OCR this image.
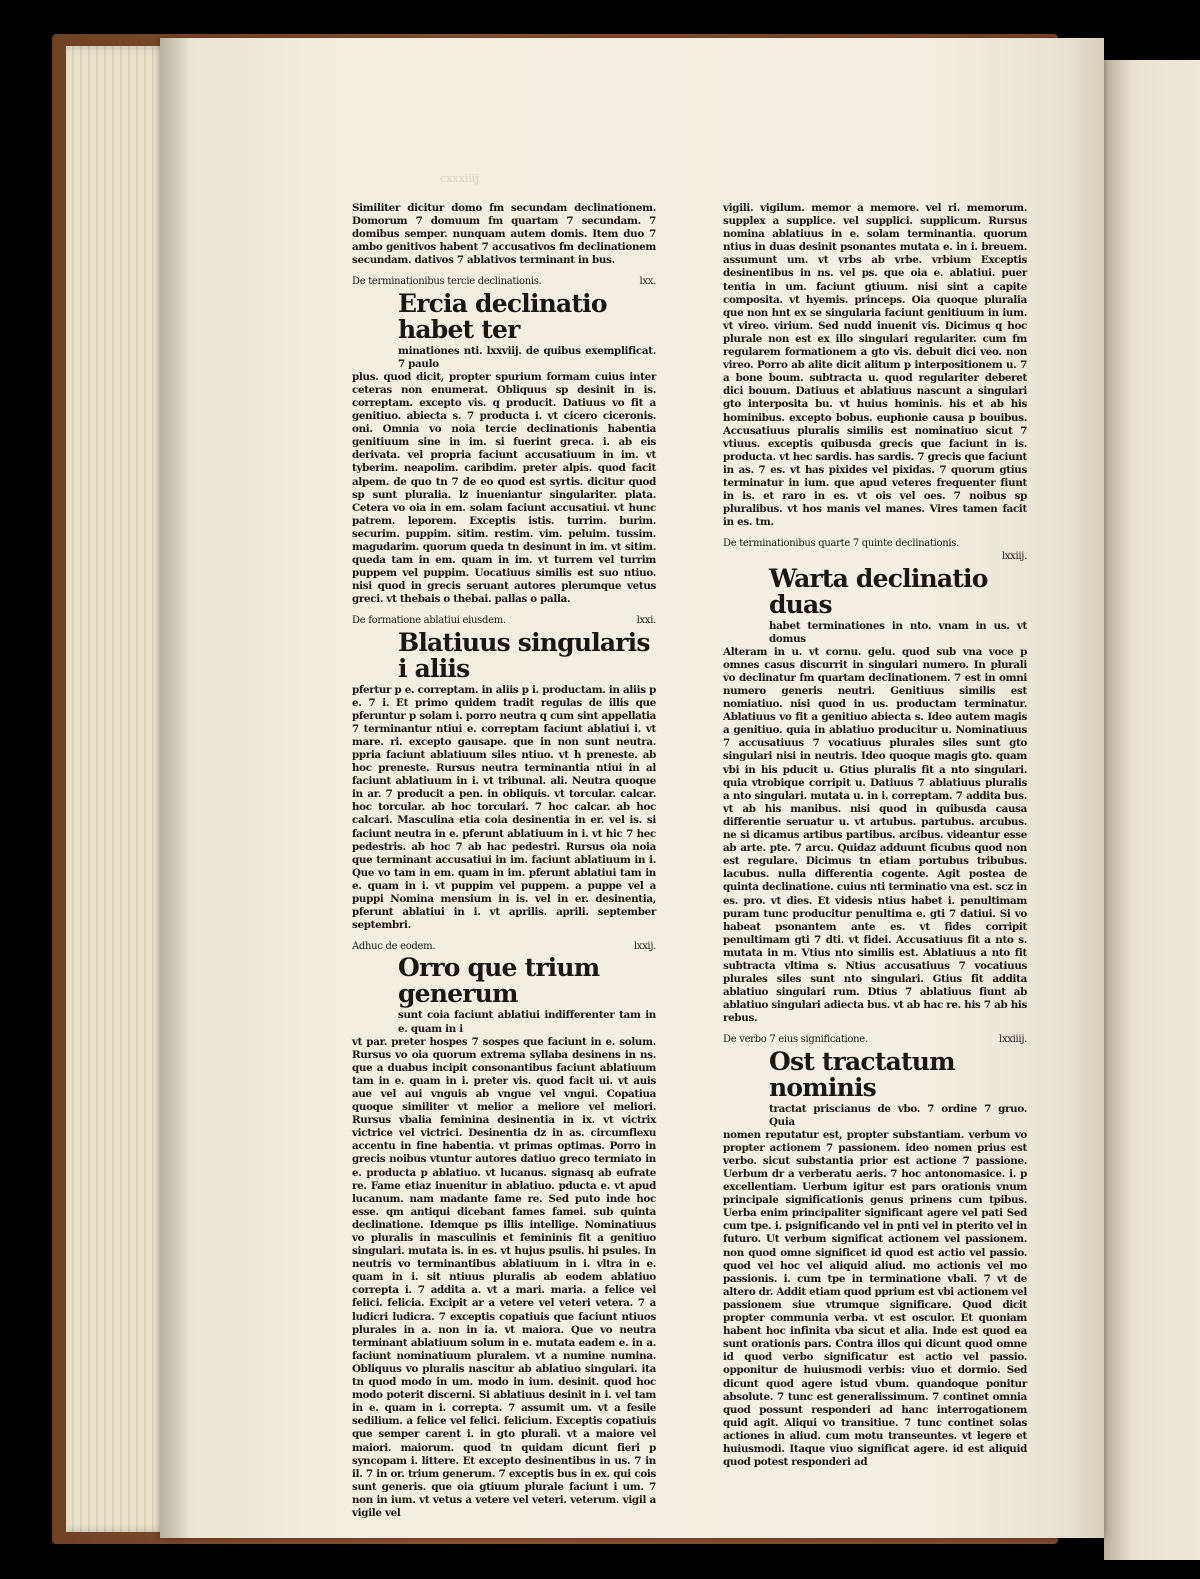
Similiter dicitur domo fm secundam declinationem. Domorum 7 domuum fm quartam 7 secundam. 7 domibus semper. nunquam autem domis. Item duo 7 ambo genitivos habent 7 accusativos fm declinationem secundam. dativos 7 ablativos terminant in bus.

De terminationibus tercie declinationis.	lxx.
Ercia declinatio habet ter

minationes nti. lxxviij. de quibus exemplificat. 7 paulo

plus. quod dicit, propter spurium formam cuius inter ceteras non enumerat. Obliquus sp desinit in is. correptam. excepto vis. q producit. Datiuus vo fit a genitiuo. abiecta s. 7 producta i. vt cicero ciceronis. oni. Omnia vo noia tercie declinationis habentia genitiuum sine in im. si fuerint greca. i. ab eis derivata. vel propria faciunt accusatiuum in im. vt tyberim. neapolim. caribdim. preter alpis. quod facit alpem. de quo tn 7 de eo quod est syrtis. dicitur quod sp sunt pluralia. lz inueniantur singulariter. plata. Cetera vo oia in em. solam faciunt accusatiui. vt hunc patrem. leporem. Exceptis istis. turrim. burim. securim. puppim. sitim. restim. vim. peluim. tussim. magudarim. quorum queda tn desinunt in im. vt sitim. queda tam in em. quam in im. vt turrem vel turrim puppem vel puppim. Uocatiuus similis est suo ntiuo. nisi quod in grecis seruant autores plerumque vetus greci. vt thebais o thebai. pallas o palla.

De formatione ablatiui eiusdem.	lxxi.
Blatiuus singularis i aliis

pfertur p e. correptam. in aliis p i. productam. in aliis p e. 7 i. Et primo quidem tradit regulas de illis que pferuntur p solam i. porro neutra q cum sint appellatia 7 terminantur ntiui e. correptam faciunt ablatiui i. vt mare. ri. excepto gausape. que in non sunt neutra. ppria faciunt ablatiuum siles ntiuo. vt h preneste. ab hoc preneste. Rursus neutra terminantia ntiui in al faciunt ablatiuum in i. vt tribunal. ali. Neutra quoque in ar. 7 producit a pen. in obliquis. vt torcular. calcar. hoc torcular. ab hoc torculari. 7 hoc calcar. ab hoc calcari. Masculina etia coia desinentia in er. vel is. si faciunt neutra in e. pferunt ablatiuum in i. vt hic 7 hec pedestris. ab hoc 7 ab hac pedestri. Rursus oia noia que terminant accusatiui in im. faciunt ablatiuum in i. Que vo tam in em. quam in im. pferunt ablatiui tam in e. quam in i. vt puppim vel puppem. a puppe vel a puppi Nomina mensium in is. vel in er. desinentia, pferunt ablatiui in i. vt aprilis. aprili. september septembri.

Adhuc de eodem.	lxxij.
Orro que trium generum

sunt coia faciunt ablatiui indifferenter tam in e. quam in i

vt par. preter hospes 7 sospes que faciunt in e. solum. Rursus vo oia quorum extrema syllaba desinens in ns. que a duabus incipit consonantibus faciunt ablatiuum tam in e. quam in i. preter vis. quod facit ui. vt auis aue vel aui vnguis ab vngue vel vngui. Copatiua quoque similiter vt melior a meliore vel meliori. Rursus vbalia feminina desinentia in ix. vt victrix victrice vel victrici. Desinentia dz in as. circumflexu accentu in fine habentia. vt primas optimas. Porro in grecis noibus vtuntur autores datiuo greco termiato in e. producta p ablatiuo. vt lucanus. signasq ab eufrate re. Fame etiaz inuenitur in ablatiuo. pducta e. vt apud lucanum. nam madante fame re. Sed puto inde hoc esse. qm antiqui dicebant fames famei. sub quinta declinatione. Idemque ps illis intellige. Nominatiuus vo pluralis in masculinis et femininis fit a genitiuo singulari. mutata is. in es. vt hujus psulis. hi psules. In neutris vo terminantibus ablatiuum in i. vltra in e. quam in i. sit ntiuus pluralis ab eodem ablatiuo correpta i. 7 addita a. vt a mari. maria. a felice vel felici. felicia. Excipit ar a vetere vel veteri vetera. 7 a ludicri ludicra. 7 exceptis copatiuis que faciunt ntiuos plurales in a. non in ia. vt maiora. Que vo neutra terminant ablatiuum solum in e. mutata eadem e. in a. faciunt nominatiuum pluralem. vt a numine numina. Obliquus vo pluralis nascitur ab ablatiuo singulari. ita tn quod modo in um. modo in ium. desinit. quod hoc modo poterit discerni. Si ablatiuus desinit in i. vel tam in e. quam in i. correpta. 7 assumit um. vt a fesile sedilium. a felice vel felici. felicium. Exceptis copatiuis que semper carent i. in gto plurali. vt a maiore vel maiori. maiorum. quod tn quidam dicunt fieri p syncopam i. littere. Et excepto desinentibus in us. 7 in il. 7 in or. trium generum. 7 exceptis bus in ex. qui cois sunt generis. que oia gtiuum plurale faciunt i um. 7 non in ium. vt vetus a vetere vel veteri. veterum. vigil a vigile vel

vigili. vigilum. memor a memore. vel ri. memorum. supplex a supplice. vel supplici. supplicum. Rursus nomina ablatiuus in e. solam terminantia. quorum ntius in duas desinit psonantes mutata e. in i. breuem. assumunt um. vt vrbs ab vrbe. vrbium Exceptis desinentibus in ns. vel ps. que oia e. ablatiui. puer tentia in um. faciunt gtiuum. nisi sint a capite composita. vt hyemis. princeps. Oia quoque pluralia que non hnt ex se singularia faciunt genitiuum in ium. vt vireo. virium. Sed nudd inuenit vis. Dicimus q hoc plurale non est ex illo singulari regulariter. cum fm regularem formationem a gto vis. debuit dici veo. non vireo. Porro ab alite dicit alitum p interpositionem u. 7 a bone boum. subtracta u. quod regulariter deberet dici bouum. Datiuus et ablatiuus nascunt a singulari gto interposita bu. vt huius hominis. his et ab his hominibus. excepto bobus. euphonie causa p bouibus. Accusatiuus pluralis similis est nominatiuo sicut 7 vtiuus. exceptis quibusda grecis que faciunt in is. producta. vt hec sardis. has sardis. 7 grecis que faciunt in as. 7 es. vt has pixides vel pixidas. 7 quorum gtius terminatur in ium. que apud veteres frequenter fiunt in is. et raro in es. vt ois vel oes. 7 noibus sp pluralibus. vt hos manis vel manes. Vires tamen facit in es. tm.

De terminationibus quarte 7 quinte declinationis.
lxxiij.
Warta declinatio duas

habet terminationes in nto. vnam in us. vt domus

Alteram in u. vt cornu. gelu. quod sub vna voce p omnes casus discurrit in singulari numero. In plurali vo declinatur fm quartam declinationem. 7 est in omni numero generis neutri. Genitiuus similis est nomiatiuo. nisi quod in us. productam terminatur. Ablatiuus vo fit a genitiuo abiecta s. Ideo autem magis a genitiuo. quia in ablatiuo producitur u. Nominatiuus 7 accusatiuus 7 vocatiuus plurales siles sunt gto singulari nisi in neutris. Ideo quoque magis gto. quam vbi in his pducit u. Gtius pluralis fit a nto singulari. quia vtrobique corripit u. Datiuus 7 ablatiuus pluralis a nto singulari. mutata u. in i. correptam. 7 addita bus. vt ab his manibus. nisi quod in quibusda causa differentie seruatur u. vt artubus. partubus. arcubus. ne si dicamus artibus partibus. arcibus. videantur esse ab arte. pte. 7 arcu. Quidaz adduunt ficubus quod non est regulare. Dicimus tn etiam portubus tribubus. lacubus. nulla differentia cogente. Agit postea de quinta declinatione. cuius nti terminatio vna est. scz in es. pro. vt dies. Et videsis ntius habet i. penultimam puram tunc producitur penultima e. gti 7 datiui. Si vo habeat psonantem ante es. vt fides corripit penultimam gti 7 dti. vt fidei. Accusatiuus fit a nto s. mutata in m. Vtius nto similis est. Ablatiuus a nto fit subtracta vltima s. Ntius accusatiuus 7 vocatiuus plurales siles sunt nto singulari. Gtius fit addita ablatiuo singulari rum. Dtius 7 ablatiuus fiunt ab ablatiuo singulari adiecta bus. vt ab hac re. his 7 ab his rebus.

De verbo 7 eius significatione.	lxxiiij.
Ost tractatum nominis

tractat priscianus de vbo. 7 ordine 7 gruo. Quia

nomen reputatur est, propter substantiam. verbum vo propter actionem 7 passionem. ideo nomen prius est verbo. sicut substantia prior est actione 7 passione. Uerbum dr a verberatu aeris. 7 hoc antonomasice. i. p excellentiam. Uerbum igitur est pars orationis vnum principale significationis genus prinens cum tpibus. Uerba enim principaliter significant agere vel pati Sed cum tpe. i. psignificando vel in pnti vel in pterito vel in futuro. Ut verbum significat actionem vel passionem. non quod omne significet id quod est actio vel passio. quod vel hoc vel aliquid aliud. mo actionis vel mo passionis. i. cum tpe in terminatione vbali. 7 vt de altero dr. Addit etiam quod pprium est vbi actionem vel passionem siue vtrumque significare. Quod dicit propter communia verba. vt est osculor. Et quoniam habent hoc infinita vba sicut et alia. Inde est quod ea sunt orationis pars. Contra illos qui dicunt quod omne id quod verbo significatur est actio vel passio. opponitur de huiusmodi verbis: viuo et dormio. Sed dicunt quod agere istud vbum. quandoque ponitur absolute. 7 tunc est generalissimum. 7 continet omnia quod possunt responderi ad hanc interrogationem quid agit. Aliqui vo transitiue. 7 tunc continet solas actiones in aliud. cum motu transeuntes. vt legere et huiusmodi. Itaque viuo significat agere. id est aliquid quod potest responderi ad

cxxxiiij
